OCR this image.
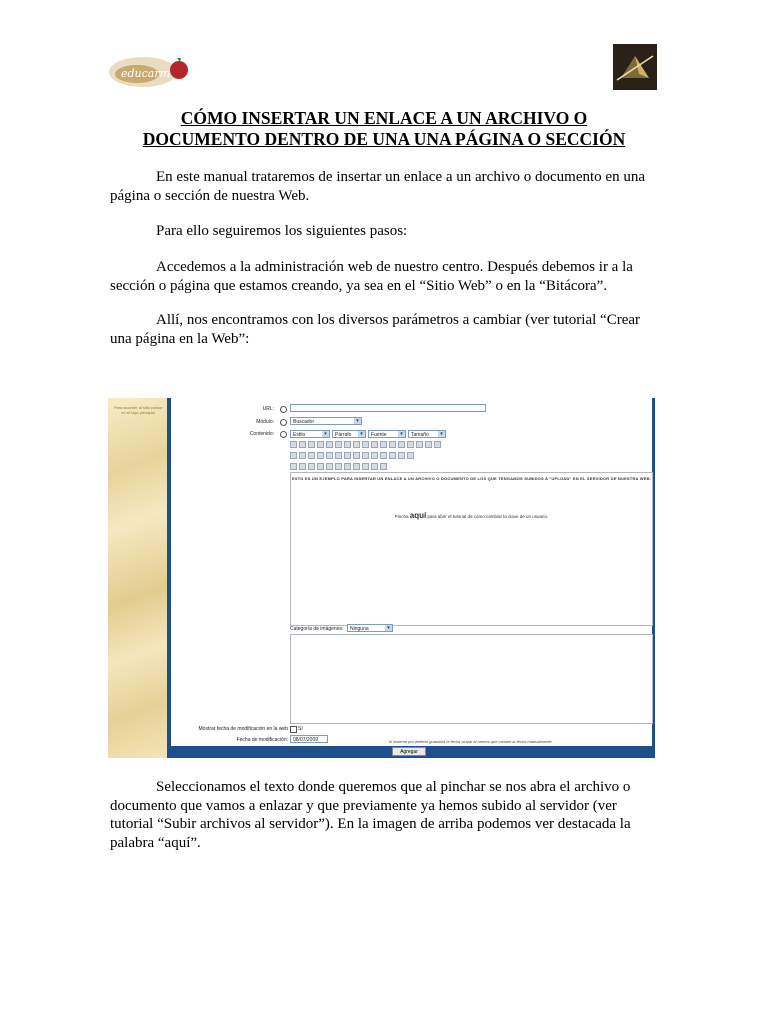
educarm
CÓMO INSERTAR UN ENLACE A UN ARCHIVO O
DOCUMENTO DENTRO DE UNA UNA PÁGINA O SECCIÓN
En este manual trataremos de insertar un enlace a un archivo o documento en una página o sección de nuestra Web.
Para ello seguiremos los siguientes pasos:
Accedemos a la administración web de nuestro centro. Después debemos ir a la sección o página que estamos creando, ya sea en el “Sitio Web” o en la “Bitácora”.
Allí, nos encontramos con los diversos parámetros a cambiar (ver tutorial “Crear una página en la Web”:
Para acceder al sitio pulsar en el logo principal
URL:
Módulo:	Buscador	▾
Contenido:	Estilo	▾	Párrafo	▾	Fuente	▾	Tamaño	▾
ESTO ES UN EJEMPLO PARA INSERTAR UN ENLACE A UN ARCHIVO O DOCUMENTO DE LOS QUE TENGAMOS SUBIDOS A "UPLOAD" EN EL SERVIDOR DE NUESTRA WEB.
Pincha aquí para abrir el tutorial de cómo cambiar la clave de un usuario.
Categoría de imágenes:	Ninguna	▾
Mostrar fecha de modificación en la web Sí
Fecha de modificación:	08/07/2009	el sistema por defecto guardará la fecha actual al menos que cambie la fecha manualmente
Agregar
Seleccionamos el texto donde queremos que al pinchar se nos abra el archivo o documento que vamos a enlazar y que previamente ya hemos subido al servidor (ver tutorial “Subir archivos al servidor”). En la imagen de arriba podemos ver destacada la palabra “aquí”.
